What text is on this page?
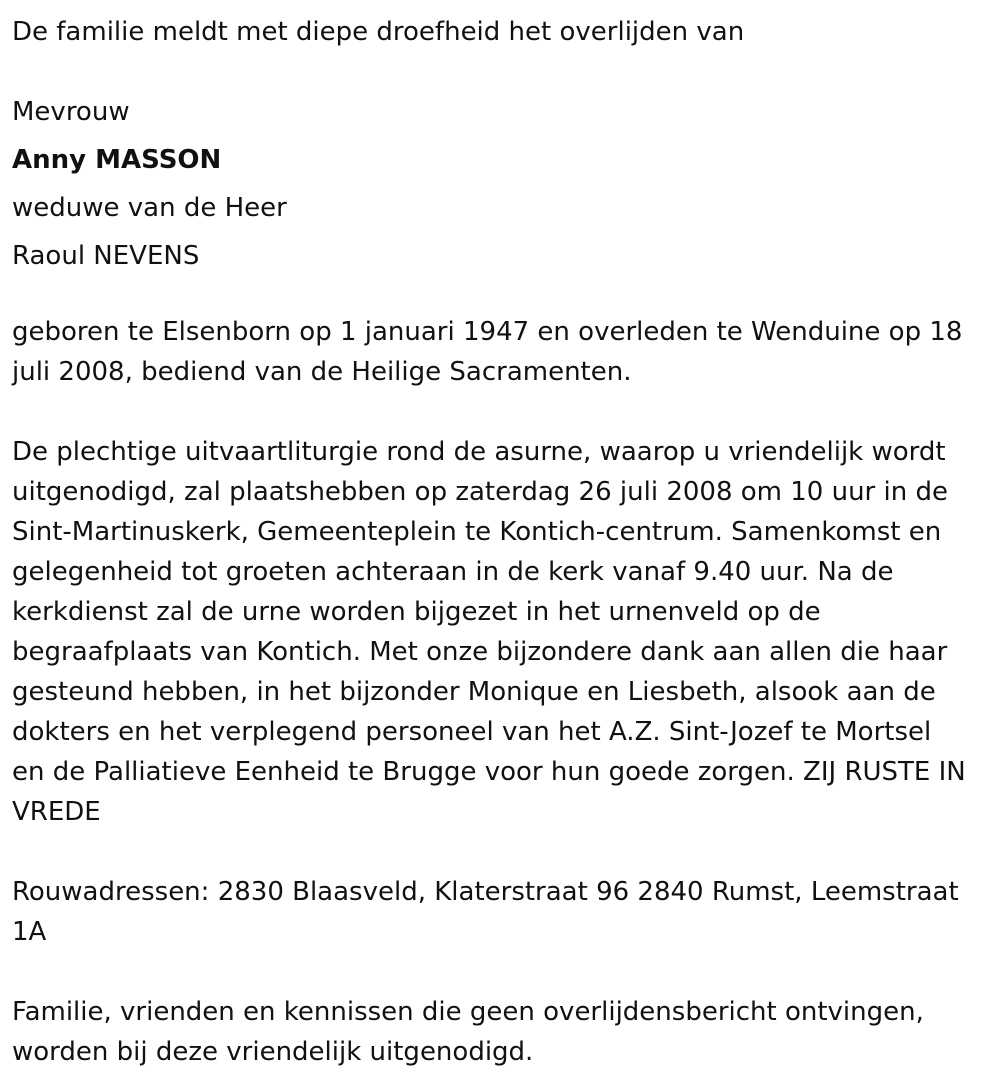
De familie meldt met diepe droefheid het overlijden van
Mevrouw
Anny MASSON
weduwe van de Heer
Raoul NEVENS
geboren te Elsenborn op 1 januari 1947 en overleden te Wenduine op 18
juli 2008, bediend van de Heilige Sacramenten.
De plechtige uitvaartliturgie rond de asurne, waarop u vriendelijk wordt
uitgenodigd, zal plaatshebben op zaterdag 26 juli 2008 om 10 uur in de
Sint-Martinuskerk, Gemeenteplein te Kontich-centrum. Samenkomst en
gelegenheid tot groeten achteraan in de kerk vanaf 9.40 uur. Na de
kerkdienst zal de urne worden bijgezet in het urnenveld op de
begraafplaats van Kontich. Met onze bijzondere dank aan allen die haar
gesteund hebben, in het bijzonder Monique en Liesbeth, alsook aan de
dokters en het verplegend personeel van het A.Z. Sint-Jozef te Mortsel
en de Palliatieve Eenheid te Brugge voor hun goede zorgen. ZIJ RUSTE IN
VREDE
Rouwadressen: 2830 Blaasveld, Klaterstraat 96 2840 Rumst, Leemstraat
1A
Familie, vrienden en kennissen die geen overlijdensbericht ontvingen,
worden bij deze vriendelijk uitgenodigd.
